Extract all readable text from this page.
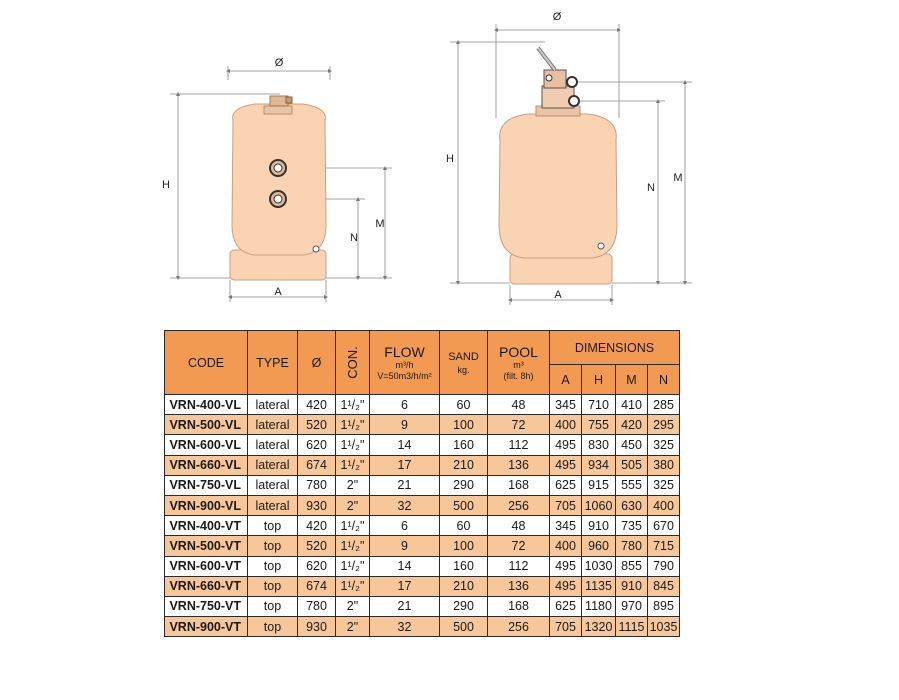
Ø
H
M
N
A
Ø
H
M
N
A
CODE	TYPE	Ø	CON.	FLOW
m³/h
V=50m3/h/m²	SAND
kg.	POOL
m³
(filt. 8h)	DIMENSIONS			
							A	H	M	N
VRN-400-VL	lateral	420	1¹/₂"	6	60	48	345	710	410	285
VRN-500-VL	lateral	520	1¹/₂"	9	100	72	400	755	420	295
VRN-600-VL	lateral	620	1¹/₂"	14	160	112	495	830	450	325
VRN-660-VL	lateral	674	1¹/₂"	17	210	136	495	934	505	380
VRN-750-VL	lateral	780	2"	21	290	168	625	915	555	325
VRN-900-VL	lateral	930	2"	32	500	256	705	1060	630	400
VRN-400-VT	top	420	1¹/₂"	6	60	48	345	910	735	670
VRN-500-VT	top	520	1¹/₂"	9	100	72	400	960	780	715
VRN-600-VT	top	620	1¹/₂"	14	160	112	495	1030	855	790
VRN-660-VT	top	674	1¹/₂"	17	210	136	495	1135	910	845
VRN-750-VT	top	780	2"	21	290	168	625	1180	970	895
VRN-900-VT	top	930	2"	32	500	256	705	1320	1115	1035
